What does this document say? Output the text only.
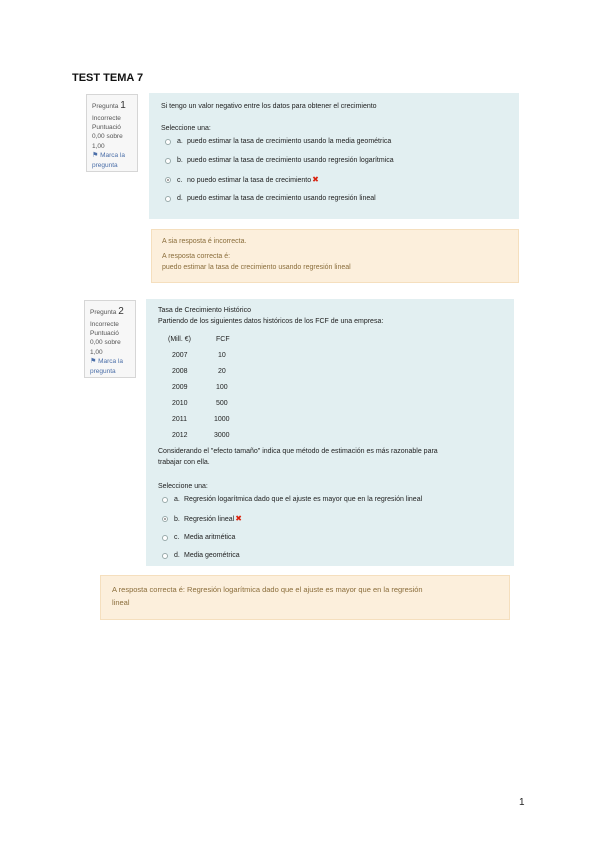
TEST TEMA 7
Pregunta 1
Incorrecte
Puntuació
0,00 sobre 1,00
⚑ Marca la
pregunta
Si tengo un valor negativo entre los datos para obtener el crecimiento
Seleccione una:
a. puedo estimar la tasa de crecimiento usando la media geométrica
b. puedo estimar la tasa de crecimiento usando regresión logarítmica
c. no puedo estimar la tasa de crecimiento ✖
d. puedo estimar la tasa de crecimiento usando regresión lineal
A sia resposta é incorrecta.
A resposta correcta é:
puedo estimar la tasa de crecimiento usando regresión lineal
Pregunta 2
Incorrecte
Puntuació
0,00 sobre 1,00
⚑ Marca la
pregunta
Tasa de Crecimiento Histórico
Partiendo de los siguientes datos históricos de los FCF de una empresa:
(Mill. €)	FCF
2007	10
2008	20
2009	100
2010	500
2011	1000
2012	3000
Considerando el "efecto tamaño" indica que método de estimación es más razonable para
trabajar con ella.
Seleccione una:
a. Regresión logarítmica dado que el ajuste es mayor que en la regresión lineal
b. Regresión lineal ✖
c. Media aritmética
d. Media geométrica
A resposta correcta é: Regresión logarítmica dado que el ajuste es mayor que en la regresión
lineal
1
